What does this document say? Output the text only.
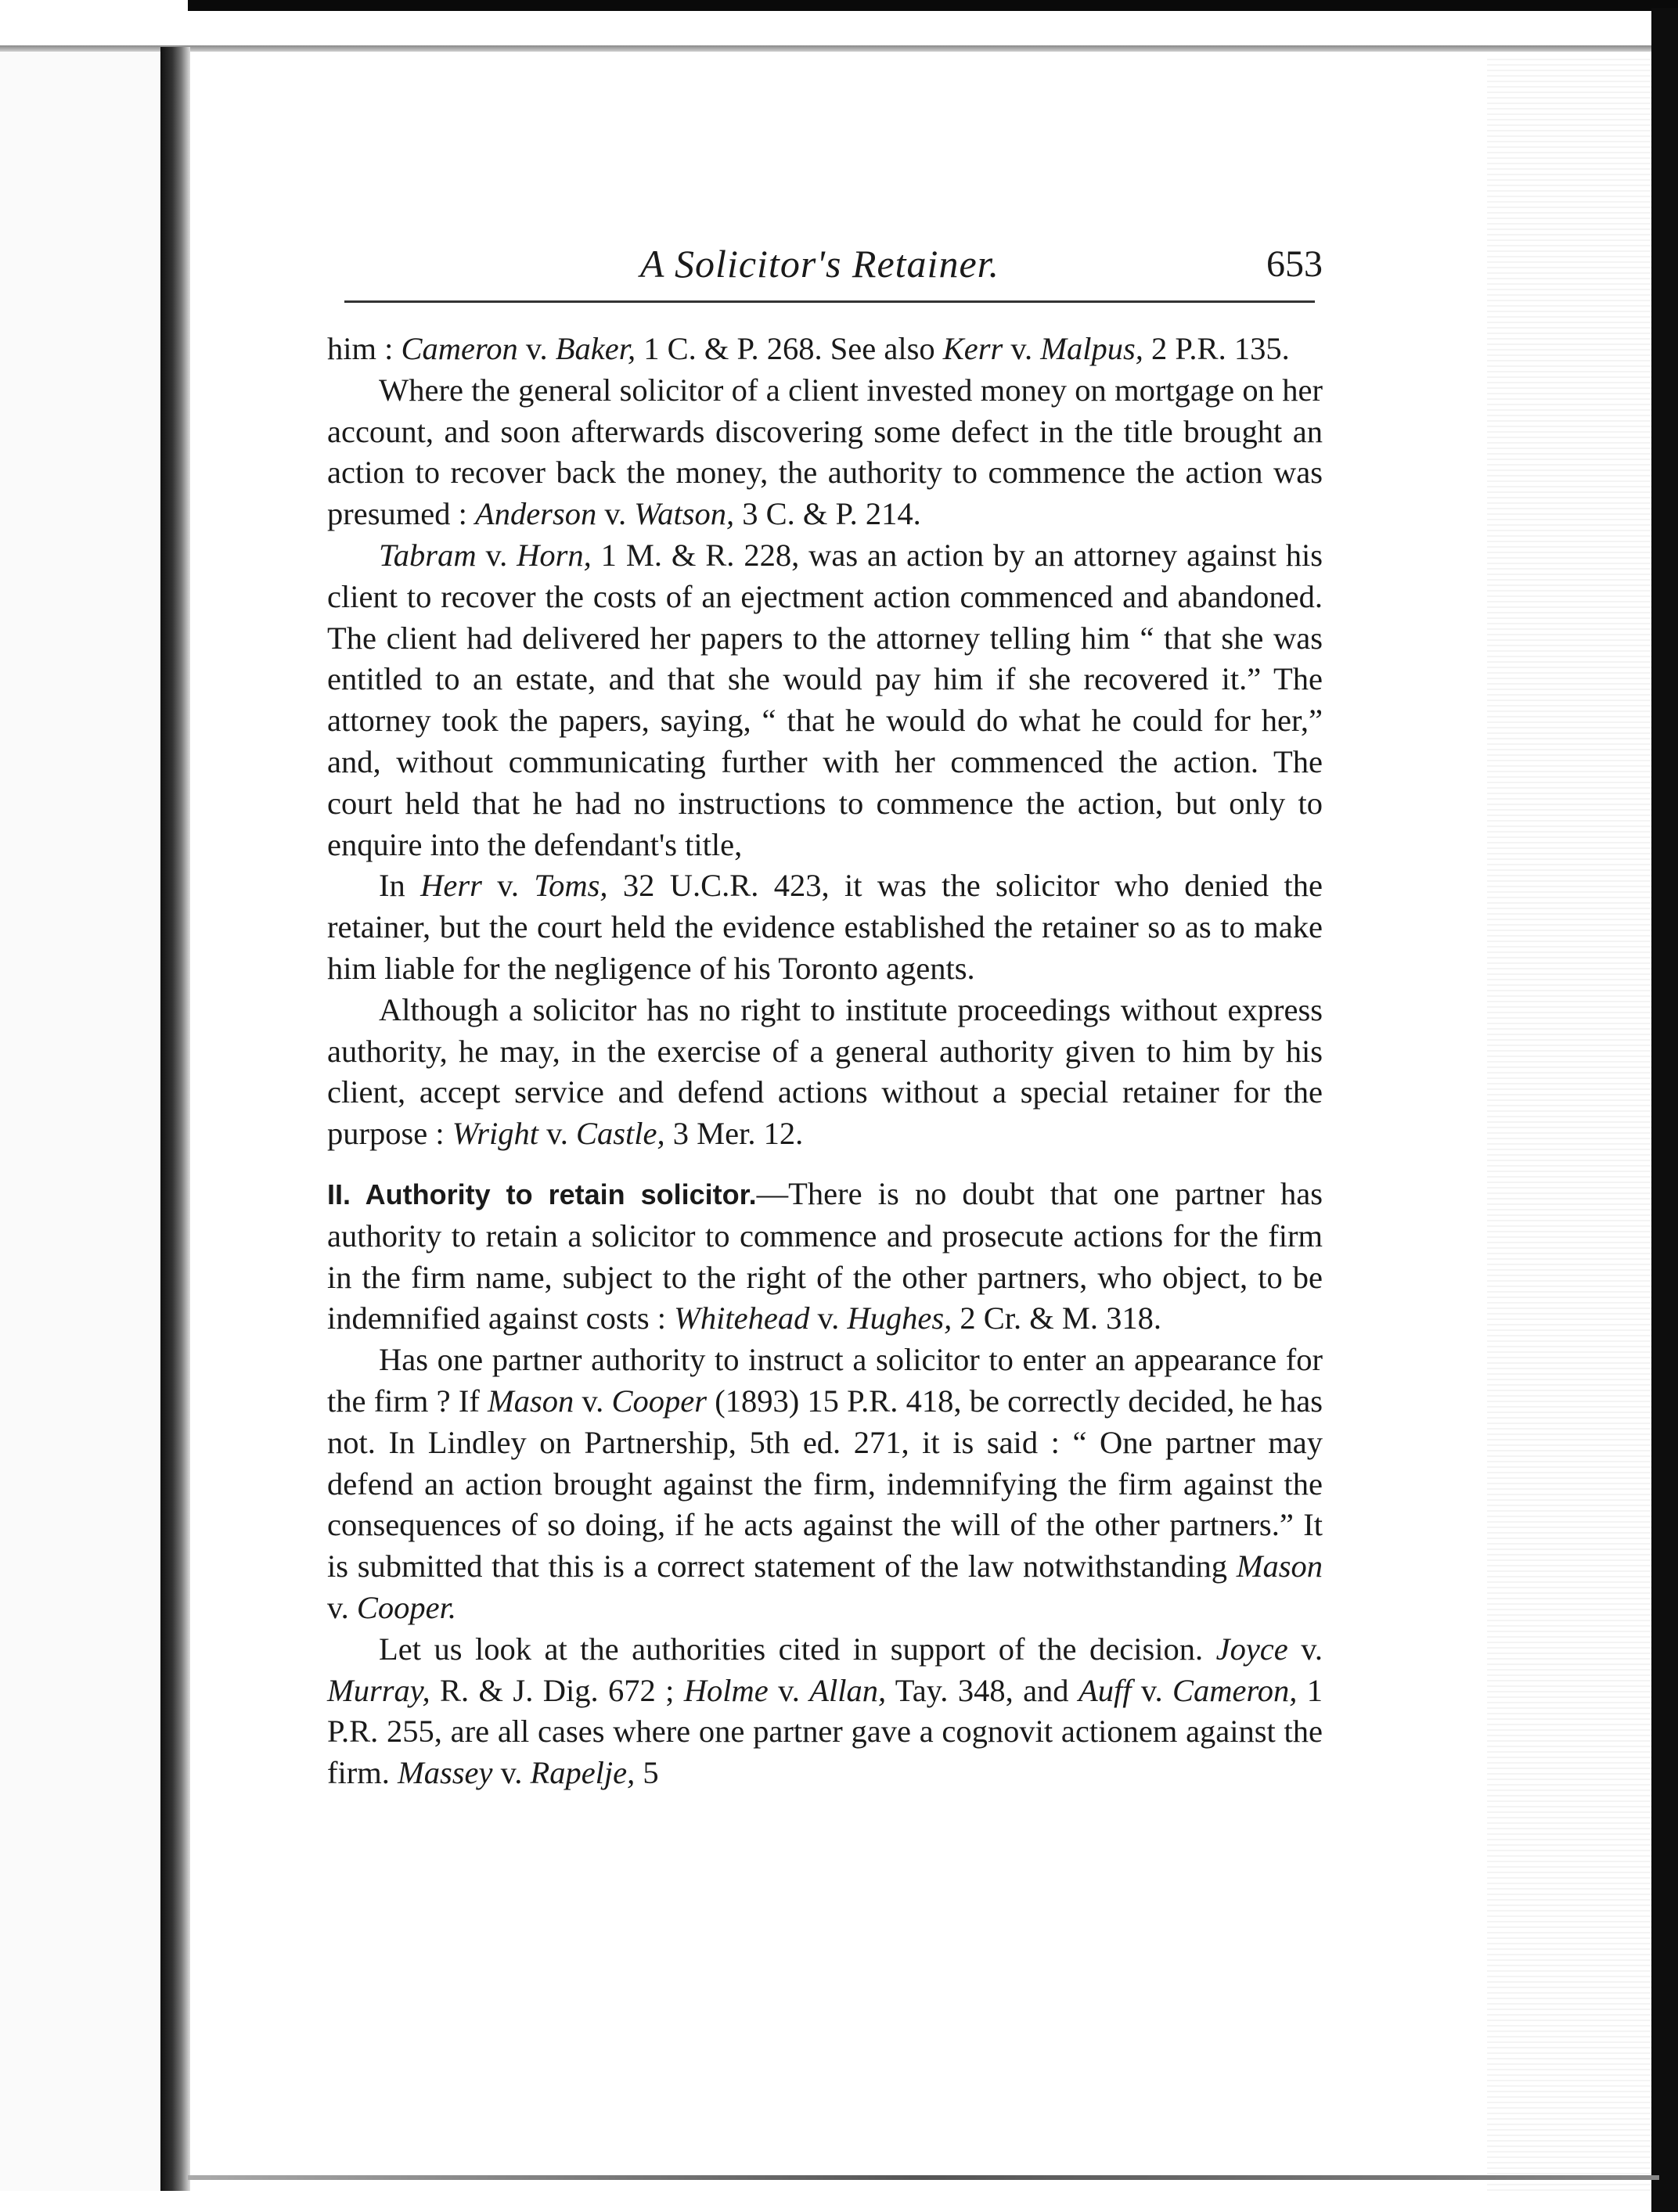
A Solicitor's Retainer.	653

him : Cameron v. Baker, 1 C. & P. 268. See also Kerr v. Malpus, 2 P.R. 135.

Where the general solicitor of a client invested money on mortgage on her account, and soon afterwards discovering some defect in the title brought an action to recover back the money, the authority to commence the action was presumed : Anderson v. Watson, 3 C. & P. 214.

Tabram v. Horn, 1 M. & R. 228, was an action by an attorney against his client to recover the costs of an ejectment action commenced and abandoned. The client had delivered her papers to the attorney telling him “ that she was entitled to an estate, and that she would pay him if she recovered it.” The attorney took the papers, saying, “ that he would do what he could for her,” and, without communicating further with her commenced the action. The court held that he had no instructions to commence the action, but only to enquire into the defendant's title,

In Herr v. Toms, 32 U.C.R. 423, it was the solicitor who denied the retainer, but the court held the evidence established the retainer so as to make him liable for the negligence of his Toronto agents.

Although a solicitor has no right to institute proceedings without express authority, he may, in the exercise of a general authority given to him by his client, accept service and defend actions without a special retainer for the purpose : Wright v. Castle, 3 Mer. 12.

II. Authority to retain solicitor.—There is no doubt that one partner has authority to retain a solicitor to commence and prosecute actions for the firm in the firm name, subject to the right of the other partners, who object, to be indemnified against costs : Whitehead v. Hughes, 2 Cr. & M. 318.

Has one partner authority to instruct a solicitor to enter an appearance for the firm ? If Mason v. Cooper (1893) 15 P.R. 418, be correctly decided, he has not. In Lindley on Partnership, 5th ed. 271, it is said : “ One partner may defend an action brought against the firm, indemnifying the firm against the consequences of so doing, if he acts against the will of the other partners.” It is submitted that this is a correct statement of the law notwithstanding Mason v. Cooper.

Let us look at the authorities cited in support of the decision. Joyce v. Murray, R. & J. Dig. 672 ; Holme v. Allan, Tay. 348, and Auff v. Cameron, 1 P.R. 255, are all cases where one partner gave a cognovit actionem against the firm. Massey v. Rapelje, 5
